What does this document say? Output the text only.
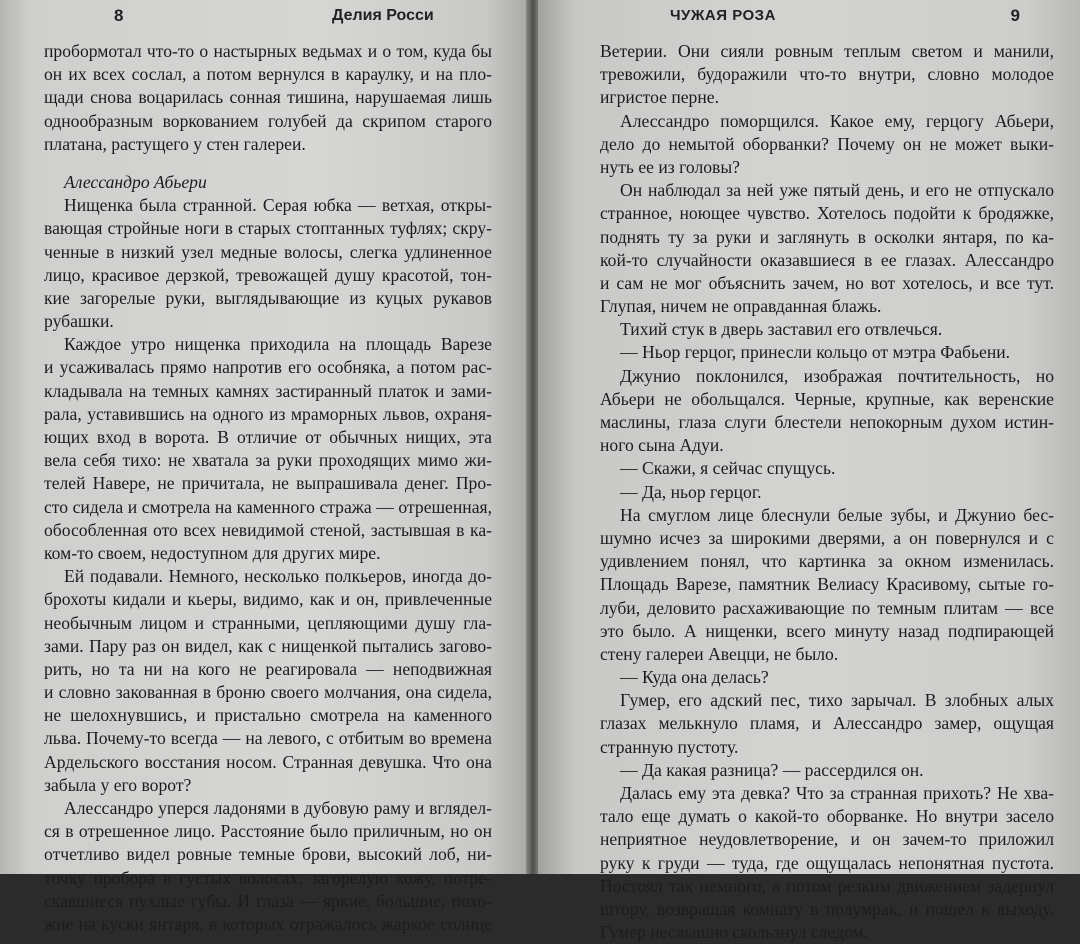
8	Делия Росси
пробормотал что-то о настырных ведьмах и о том, куда бы
он их всех сослал, а потом вернулся в караулку, и на пло-
щади снова воцарилась сонная тишина, нарушаемая лишь
однообразным воркованием голубей да скрипом старого
платана, растущего у стен галереи.
Алессандро Абьери
Нищенка была странной. Серая юбка — ветхая, откры-
вающая стройные ноги в старых стоптанных туфлях; скру-
ченные в низкий узел медные волосы, слегка удлиненное
лицо, красивое дерзкой, тревожащей душу красотой, тон-
кие загорелые руки, выглядывающие из куцых рукавов
рубашки.
Каждое утро нищенка приходила на площадь Варезе
и усаживалась прямо напротив его особняка, а потом рас-
кладывала на темных камнях застиранный платок и зами-
рала, уставившись на одного из мраморных львов, охраня-
ющих вход в ворота. В отличие от обычных нищих, эта
вела себя тихо: не хватала за руки проходящих мимо жи-
телей Навере, не причитала, не выпрашивала денег. Про-
сто сидела и смотрела на каменного стража — отрешенная,
обособленная ото всех невидимой стеной, застывшая в ка-
ком-то своем, недоступном для других мире.
Ей подавали. Немного, несколько полкьеров, иногда до-
брохоты кидали и кьеры, видимо, как и он, привлеченные
необычным лицом и странными, цепляющими душу гла-
зами. Пару раз он видел, как с нищенкой пытались загово-
рить, но та ни на кого не реагировала — неподвижная
и словно закованная в броню своего молчания, она сидела,
не шелохнувшись, и пристально смотрела на каменного
льва. Почему-то всегда — на левого, с отбитым во времена
Ардельского восстания носом. Странная девушка. Что она
забыла у его ворот?
Алессандро уперся ладонями в дубовую раму и вглядел-
ся в отрешенное лицо. Расстояние было приличным, но он
отчетливо видел ровные темные брови, высокий лоб, ни-
точку пробора в густых волосах, загорелую кожу, потре-
скавшиеся пухлые губы. И глаза — яркие, большие, похо-
жие на куски янтаря, в которых отражалось жаркое солнце
ЧУЖАЯ РОЗА	9
Ветерии. Они сияли ровным теплым светом и манили,
тревожили, будоражили что-то внутри, словно молодое
игристое перне.
Алессандро поморщился. Какое ему, герцогу Абьери,
дело до немытой оборванки? Почему он не может выки-
нуть ее из головы?
Он наблюдал за ней уже пятый день, и его не отпускало
странное, ноющее чувство. Хотелось подойти к бродяжке,
поднять ту за руки и заглянуть в осколки янтаря, по ка-
кой-то случайности оказавшиеся в ее глазах. Алессандро
и сам не мог объяснить зачем, но вот хотелось, и все тут.
Глупая, ничем не оправданная блажь.
Тихий стук в дверь заставил его отвлечься.
— Ньор герцог, принесли кольцо от мэтра Фабьени.
Джунио поклонился, изображая почтительность, но
Абьери не обольщался. Черные, крупные, как веренские
маслины, глаза слуги блестели непокорным духом истин-
ного сына Адуи.
— Скажи, я сейчас спущусь.
— Да, ньор герцог.
На смуглом лице блеснули белые зубы, и Джунио бес-
шумно исчез за широкими дверями, а он повернулся и с
удивлением понял, что картинка за окном изменилась.
Площадь Варезе, памятник Велиасу Красивому, сытые го-
луби, деловито расхаживающие по темным плитам — все
это было. А нищенки, всего минуту назад подпирающей
стену галереи Авецци, не было.
— Куда она делась?
Гумер, его адский пес, тихо зарычал. В злобных алых
глазах мелькнуло пламя, и Алессандро замер, ощущая
странную пустоту.
— Да какая разница? — рассердился он.
Далась ему эта девка? Что за странная прихоть? Не хва-
тало еще думать о какой-то оборванке. Но внутри засело
неприятное неудовлетворение, и он зачем-то приложил
руку к груди — туда, где ощущалась непонятная пустота.
Постоял так немного, а потом резким движением задернул
штору, возвращая комнату в полумрак, и пошел к выходу.
Гумер неслышно скользнул следом.
